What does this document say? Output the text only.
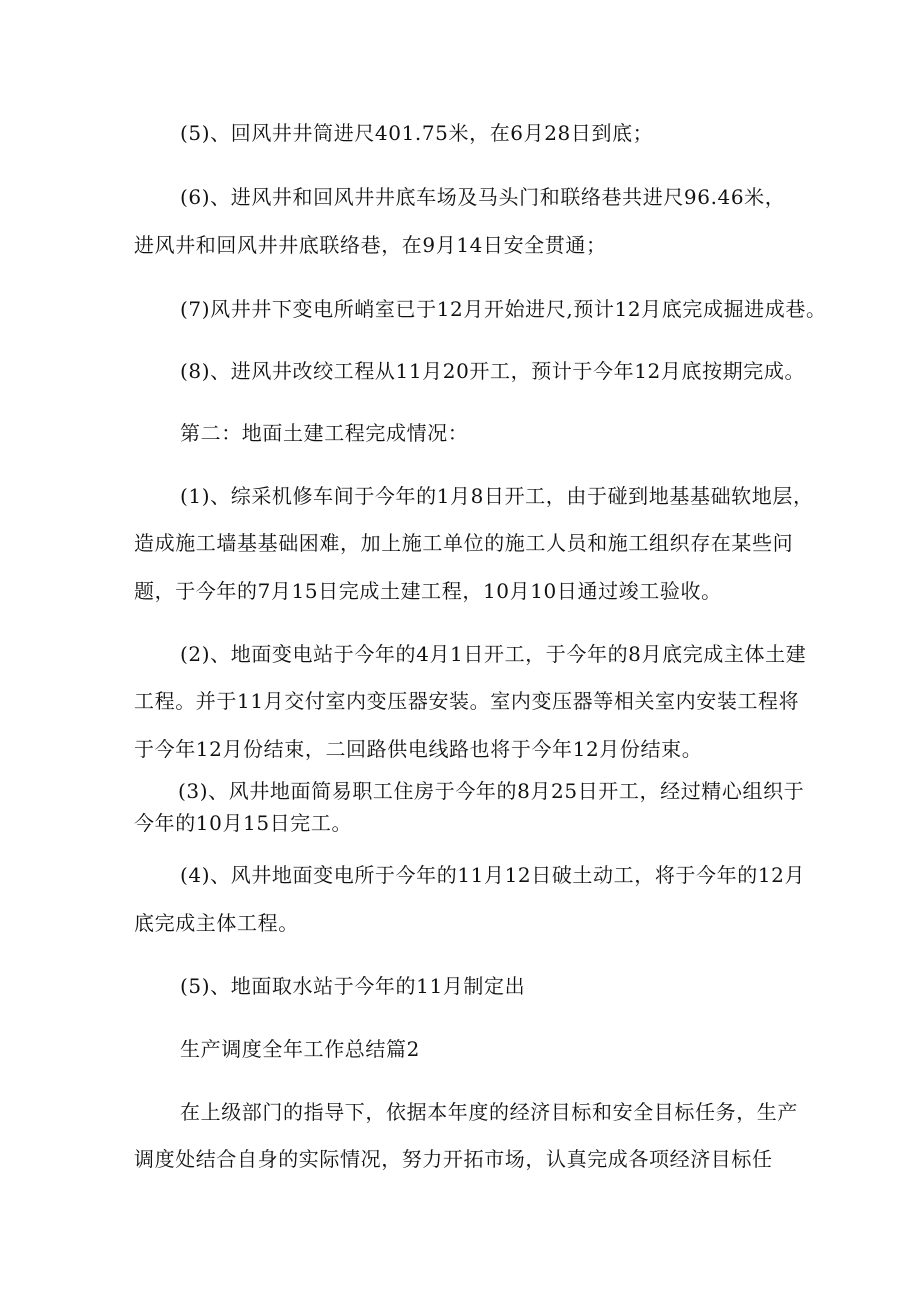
(5)、回风井井筒进尺401.75米，在6月28日到底；
(6)、进风井和回风井井底车场及马头门和联络巷共进尺96.46米，
进风井和回风井井底联络巷，在9月14日安全贯通；
(7)风井井下变电所峭室已于12月开始进尺,预计12月底完成掘进成巷。
(8)、进风井改绞工程从11月20开工，预计于今年12月底按期完成。
第二：地面土建工程完成情况：
(1)、综采机修车间于今年的1月8日开工，由于碰到地基基础软地层，
造成施工墙基基础困难，加上施工单位的施工人员和施工组织存在某些问
题，于今年的7月15日完成土建工程，10月10日通过竣工验收。
(2)、地面变电站于今年的4月1日开工，于今年的8月底完成主体土建
工程。并于11月交付室内变压器安装。室内变压器等相关室内安装工程将
于今年12月份结束，二回路供电线路也将于今年12月份结束。
(3)、风井地面简易职工住房于今年的8月25日开工，经过精心组织于
今年的10月15日完工。
(4)、风井地面变电所于今年的11月12日破土动工，将于今年的12月
底完成主体工程。
(5)、地面取水站于今年的11月制定出
生产调度全年工作总结篇2
在上级部门的指导下，依据本年度的经济目标和安全目标任务，生产
调度处结合自身的实际情况，努力开拓市场，认真完成各项经济目标任
